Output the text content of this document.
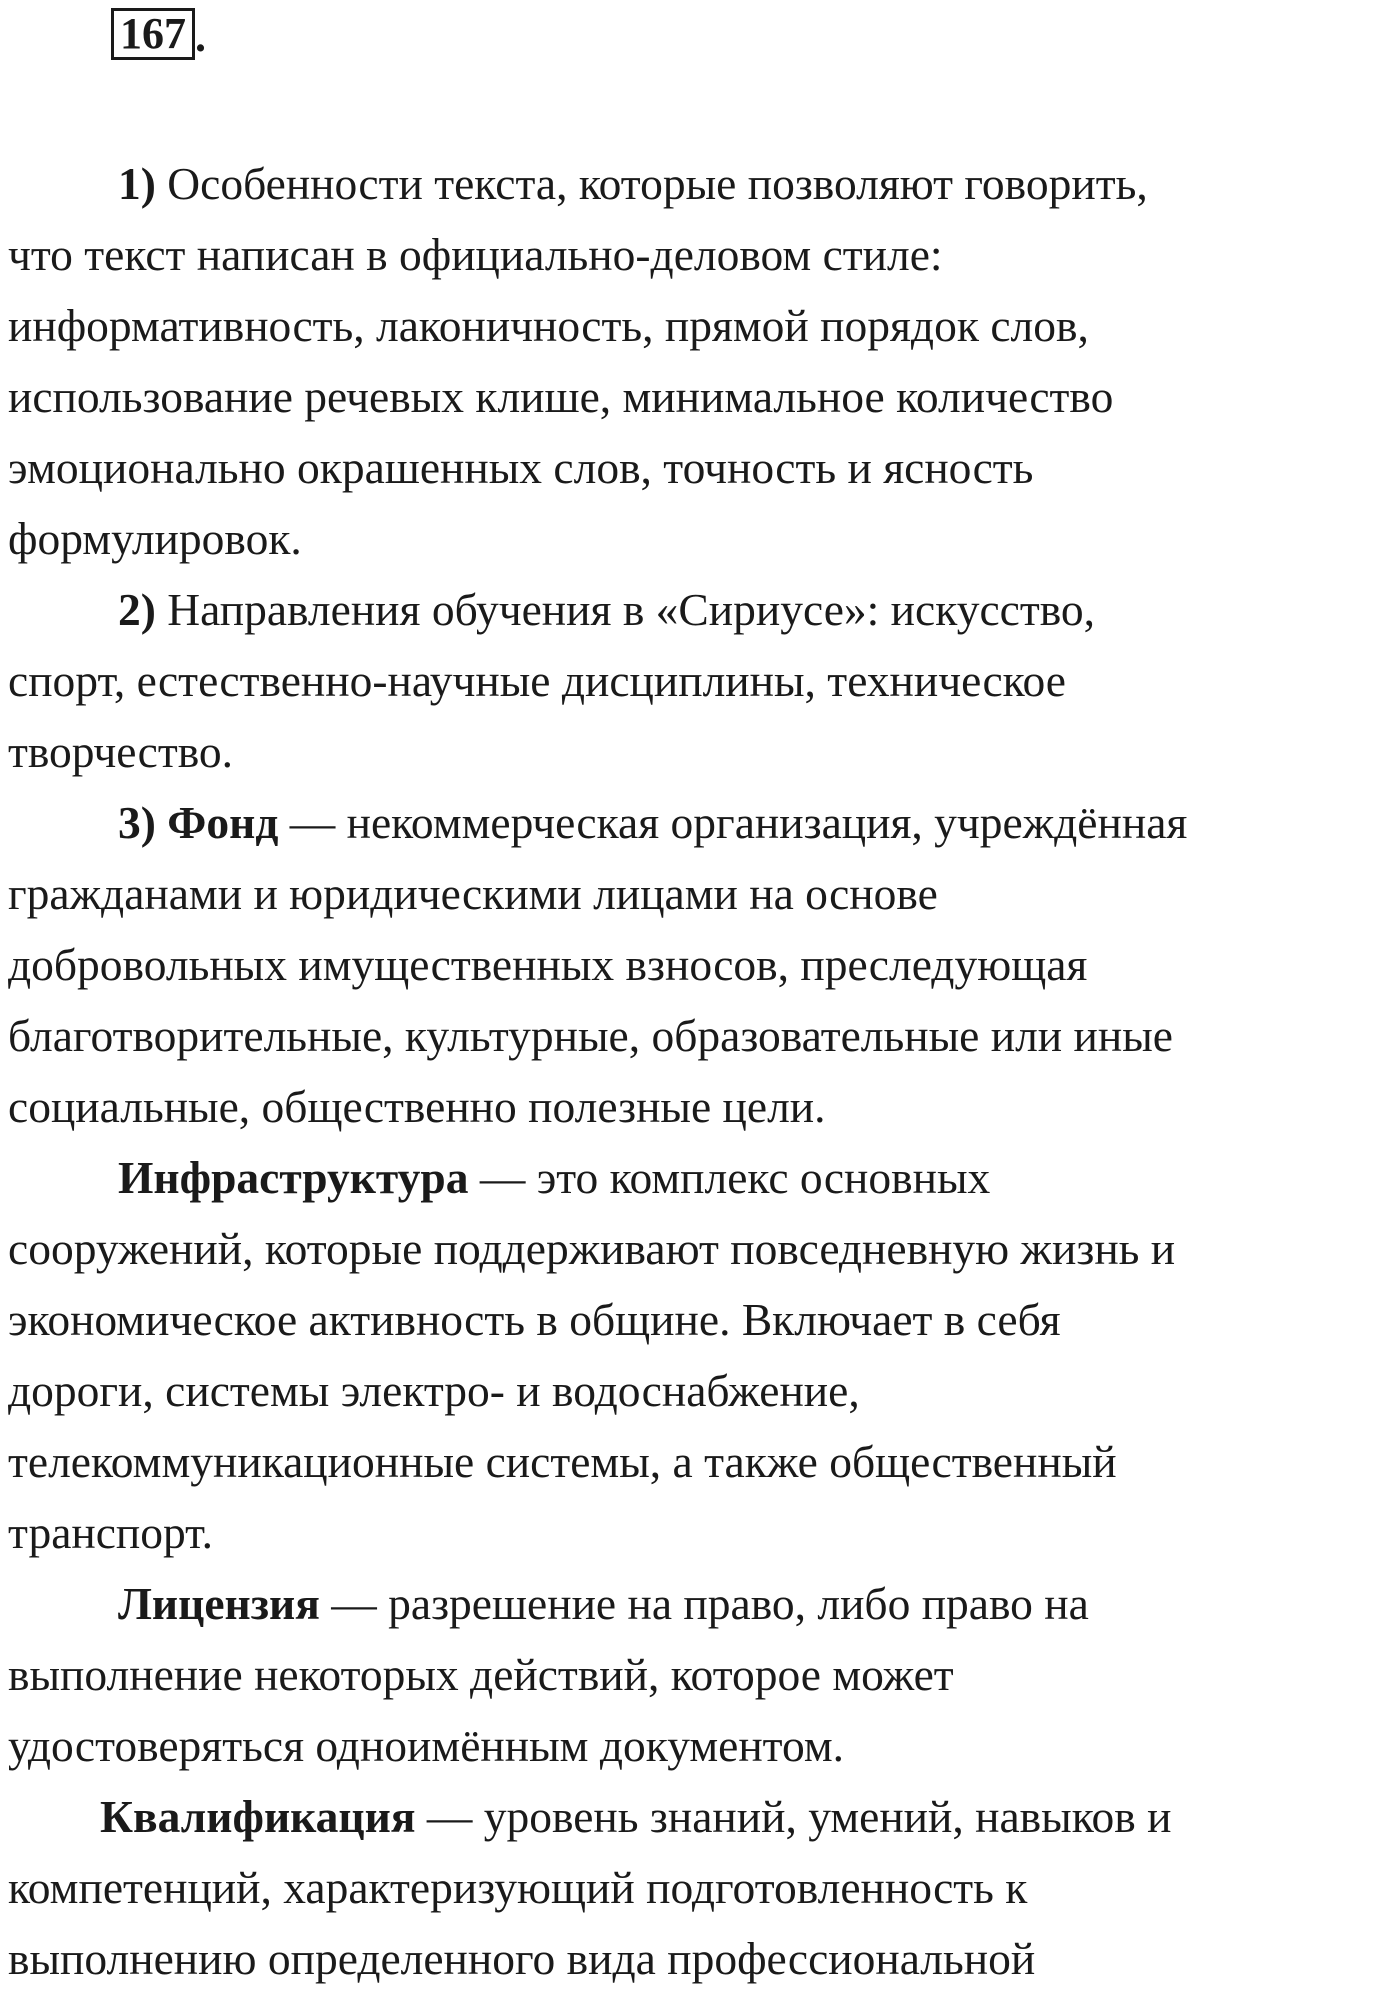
167 .
1) Особенности текста, которые позволяют говорить,
что текст написан в официально-деловом стиле:
информативность, лаконичность, прямой порядок слов,
использование речевых клише, минимальное количество
эмоционально окрашенных слов, точность и ясность
формулировок.
2) Направления обучения в «Сириусе»: искусство,
спорт, естественно-научные дисциплины, техническое
творчество.
3) Фонд — некоммерческая организация, учреждённая
гражданами и юридическими лицами на основе
добровольных имущественных взносов, преследующая
благотворительные, культурные, образовательные или иные
социальные, общественно полезные цели.
Инфраструктура — это комплекс основных
сооружений, которые поддерживают повседневную жизнь и
экономическое активность в общине. Включает в себя
дороги, системы электро- и водоснабжение,
телекоммуникационные системы, а также общественный
транспорт.
Лицензия — разрешение на право, либо право на
выполнение некоторых действий, которое может
удостоверяться одноимённым документом.
Квалификация — уровень знаний, умений, навыков и
компетенций, характеризующий подготовленность к
выполнению определенного вида профессиональной
